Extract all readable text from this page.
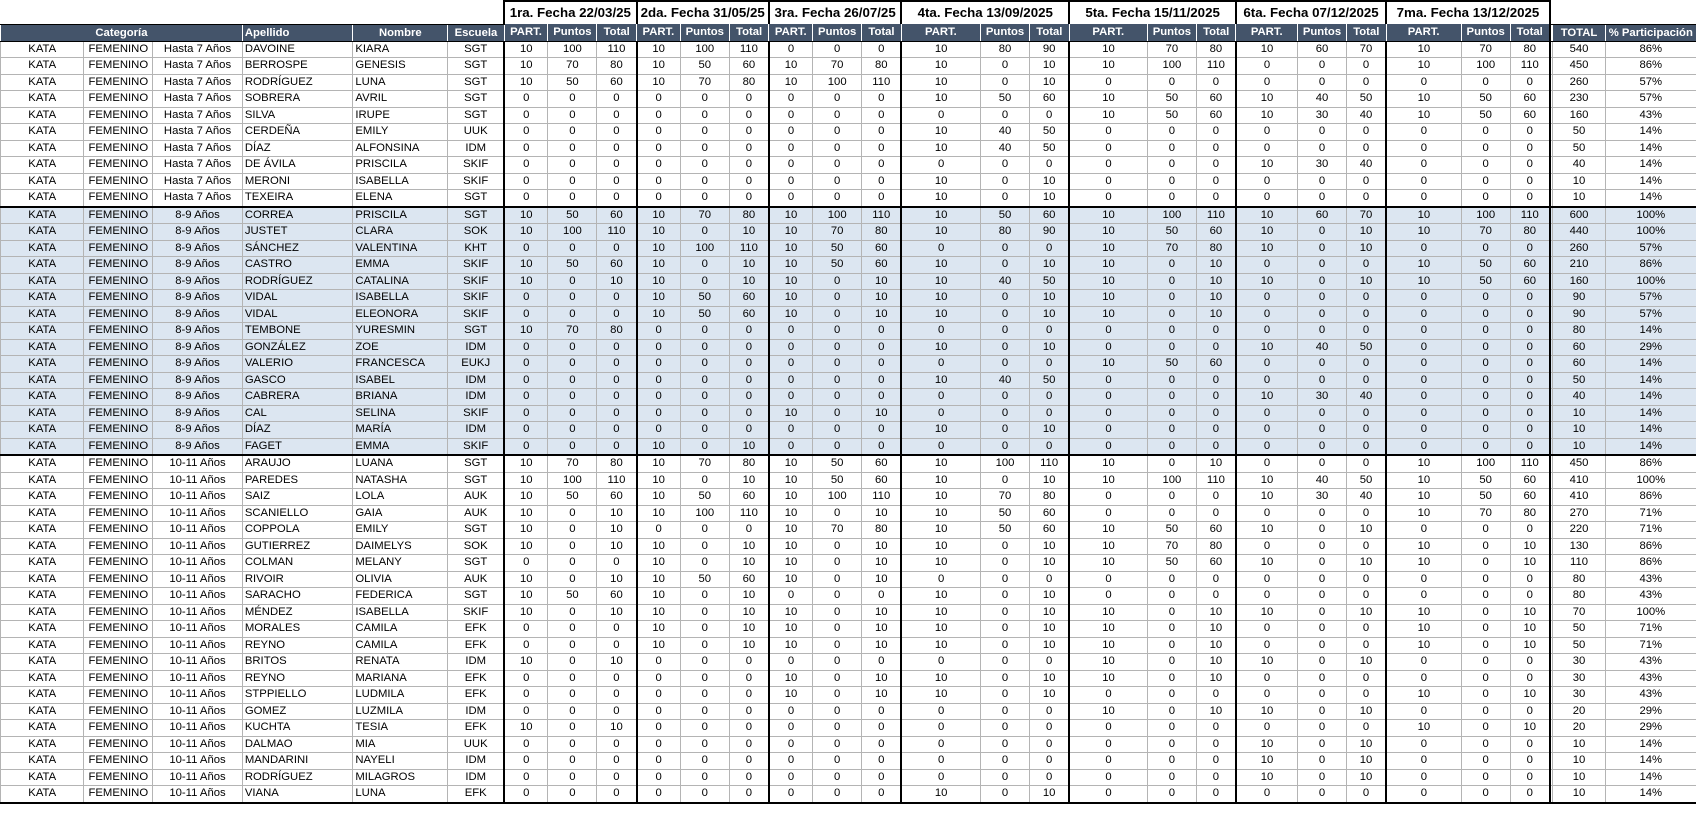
						1ra. Fecha 22/03/25			2da. Fecha 31/05/25			3ra. Fecha 26/07/25			4ta. Fecha 13/09/2025			5ta. Fecha 15/11/2025			6ta. Fecha 07/12/2025			7ma. Fecha 13/12/2025					
Categoría			Apellido	Nombre	Escuela	PART.	Puntos	Total	PART.	Puntos	Total	PART.	Puntos	Total	PART.	Puntos	Total	PART.	Puntos	Total	PART.	Puntos	Total	PART.	Puntos	Total		TOTAL	% Participación
KATA	FEMENINO	Hasta 7 Años	DAVOINE	KIARA	SGT	10	100	110	10	100	110	0	0	0	10	80	90	10	70	80	10	60	70	10	70	80		540	86%
KATA	FEMENINO	Hasta 7 Años	BERROSPE	GENESIS	SGT	10	70	80	10	50	60	10	70	80	10	0	10	10	100	110	0	0	0	10	100	110		450	86%
KATA	FEMENINO	Hasta 7 Años	RODRÍGUEZ	LUNA	SGT	10	50	60	10	70	80	10	100	110	10	0	10	0	0	0	0	0	0	0	0	0		260	57%
KATA	FEMENINO	Hasta 7 Años	SOBRERA	AVRIL	SGT	0	0	0	0	0	0	0	0	0	10	50	60	10	50	60	10	40	50	10	50	60		230	57%
KATA	FEMENINO	Hasta 7 Años	SILVA	IRUPE	SGT	0	0	0	0	0	0	0	0	0	0	0	0	10	50	60	10	30	40	10	50	60		160	43%
KATA	FEMENINO	Hasta 7 Años	CERDEÑA	EMILY	UUK	0	0	0	0	0	0	0	0	0	10	40	50	0	0	0	0	0	0	0	0	0		50	14%
KATA	FEMENINO	Hasta 7 Años	DÍAZ	ALFONSINA	IDM	0	0	0	0	0	0	0	0	0	10	40	50	0	0	0	0	0	0	0	0	0		50	14%
KATA	FEMENINO	Hasta 7 Años	DE ÁVILA	PRISCILA	SKIF	0	0	0	0	0	0	0	0	0	0	0	0	0	0	0	10	30	40	0	0	0		40	14%
KATA	FEMENINO	Hasta 7 Años	MERONI	ISABELLA	SKIF	0	0	0	0	0	0	0	0	0	10	0	10	0	0	0	0	0	0	0	0	0		10	14%
KATA	FEMENINO	Hasta 7 Años	TEXEIRA	ELENA	SGT	0	0	0	0	0	0	0	0	0	10	0	10	0	0	0	0	0	0	0	0	0		10	14%
KATA	FEMENINO	8-9 Años	CORREA	PRISCILA	SGT	10	50	60	10	70	80	10	100	110	10	50	60	10	100	110	10	60	70	10	100	110		600	100%
KATA	FEMENINO	8-9 Años	JUSTET	CLARA	SOK	10	100	110	10	0	10	10	70	80	10	80	90	10	50	60	10	0	10	10	70	80		440	100%
KATA	FEMENINO	8-9 Años	SÁNCHEZ	VALENTINA	KHT	0	0	0	10	100	110	10	50	60	0	0	0	10	70	80	10	0	10	0	0	0		260	57%
KATA	FEMENINO	8-9 Años	CASTRO	EMMA	SKIF	10	50	60	10	0	10	10	50	60	10	0	10	10	0	10	0	0	0	10	50	60		210	86%
KATA	FEMENINO	8-9 Años	RODRÍGUEZ	CATALINA	SKIF	10	0	10	10	0	10	10	0	10	10	40	50	10	0	10	10	0	10	10	50	60		160	100%
KATA	FEMENINO	8-9 Años	VIDAL	ISABELLA	SKIF	0	0	0	10	50	60	10	0	10	10	0	10	10	0	10	0	0	0	0	0	0		90	57%
KATA	FEMENINO	8-9 Años	VIDAL	ELEONORA	SKIF	0	0	0	10	50	60	10	0	10	10	0	10	10	0	10	0	0	0	0	0	0		90	57%
KATA	FEMENINO	8-9 Años	TEMBONE	YURESMIN	SGT	10	70	80	0	0	0	0	0	0	0	0	0	0	0	0	0	0	0	0	0	0		80	14%
KATA	FEMENINO	8-9 Años	GONZÁLEZ	ZOE	IDM	0	0	0	0	0	0	0	0	0	10	0	10	0	0	0	10	40	50	0	0	0		60	29%
KATA	FEMENINO	8-9 Años	VALERIO	FRANCESCA	EUKJ	0	0	0	0	0	0	0	0	0	0	0	0	10	50	60	0	0	0	0	0	0		60	14%
KATA	FEMENINO	8-9 Años	GASCO	ISABEL	IDM	0	0	0	0	0	0	0	0	0	10	40	50	0	0	0	0	0	0	0	0	0		50	14%
KATA	FEMENINO	8-9 Años	CABRERA	BRIANA	IDM	0	0	0	0	0	0	0	0	0	0	0	0	0	0	0	10	30	40	0	0	0		40	14%
KATA	FEMENINO	8-9 Años	CAL	SELINA	SKIF	0	0	0	0	0	0	10	0	10	0	0	0	0	0	0	0	0	0	0	0	0		10	14%
KATA	FEMENINO	8-9 Años	DÍAZ	MARÍA	IDM	0	0	0	0	0	0	0	0	0	10	0	10	0	0	0	0	0	0	0	0	0		10	14%
KATA	FEMENINO	8-9 Años	FAGET	EMMA	SKIF	0	0	0	10	0	10	0	0	0	0	0	0	0	0	0	0	0	0	0	0	0		10	14%
KATA	FEMENINO	10-11 Años	ARAUJO	LUANA	SGT	10	70	80	10	70	80	10	50	60	10	100	110	10	0	10	0	0	0	10	100	110		450	86%
KATA	FEMENINO	10-11 Años	PAREDES	NATASHA	SGT	10	100	110	10	0	10	10	50	60	10	0	10	10	100	110	10	40	50	10	50	60		410	100%
KATA	FEMENINO	10-11 Años	SAIZ	LOLA	AUK	10	50	60	10	50	60	10	100	110	10	70	80	0	0	0	10	30	40	10	50	60		410	86%
KATA	FEMENINO	10-11 Años	SCANIELLO	GAIA	AUK	10	0	10	10	100	110	10	0	10	10	50	60	0	0	0	0	0	0	10	70	80		270	71%
KATA	FEMENINO	10-11 Años	COPPOLA	EMILY	SGT	10	0	10	0	0	0	10	70	80	10	50	60	10	50	60	10	0	10	0	0	0		220	71%
KATA	FEMENINO	10-11 Años	GUTIERREZ	DAIMELYS	SOK	10	0	10	10	0	10	10	0	10	10	0	10	10	70	80	0	0	0	10	0	10		130	86%
KATA	FEMENINO	10-11 Años	COLMAN	MELANY	SGT	0	0	0	10	0	10	10	0	10	10	0	10	10	50	60	10	0	10	10	0	10		110	86%
KATA	FEMENINO	10-11 Años	RIVOIR	OLIVIA	AUK	10	0	10	10	50	60	10	0	10	0	0	0	0	0	0	0	0	0	0	0	0		80	43%
KATA	FEMENINO	10-11 Años	SARACHO	FEDERICA	SGT	10	50	60	10	0	10	0	0	0	10	0	10	0	0	0	0	0	0	0	0	0		80	43%
KATA	FEMENINO	10-11 Años	MÉNDEZ	ISABELLA	SKIF	10	0	10	10	0	10	10	0	10	10	0	10	10	0	10	10	0	10	10	0	10		70	100%
KATA	FEMENINO	10-11 Años	MORALES	CAMILA	EFK	0	0	0	10	0	10	10	0	10	10	0	10	10	0	10	0	0	0	10	0	10		50	71%
KATA	FEMENINO	10-11 Años	REYNO	CAMILA	EFK	0	0	0	10	0	10	10	0	10	10	0	10	10	0	10	0	0	0	10	0	10		50	71%
KATA	FEMENINO	10-11 Años	BRITOS	RENATA	IDM	10	0	10	0	0	0	0	0	0	0	0	0	10	0	10	10	0	10	0	0	0		30	43%
KATA	FEMENINO	10-11 Años	REYNO	MARIANA	EFK	0	0	0	0	0	0	10	0	10	10	0	10	10	0	10	0	0	0	0	0	0		30	43%
KATA	FEMENINO	10-11 Años	STPPIELLO	LUDMILA	EFK	0	0	0	0	0	0	10	0	10	10	0	10	0	0	0	0	0	0	10	0	10		30	43%
KATA	FEMENINO	10-11 Años	GOMEZ	LUZMILA	IDM	0	0	0	0	0	0	0	0	0	0	0	0	10	0	10	10	0	10	0	0	0		20	29%
KATA	FEMENINO	10-11 Años	KUCHTA	TESIA	EFK	10	0	10	0	0	0	0	0	0	0	0	0	0	0	0	0	0	0	10	0	10		20	29%
KATA	FEMENINO	10-11 Años	DALMAO	MIA	UUK	0	0	0	0	0	0	0	0	0	0	0	0	0	0	0	10	0	10	0	0	0		10	14%
KATA	FEMENINO	10-11 Años	MANDARINI	NAYELI	IDM	0	0	0	0	0	0	0	0	0	0	0	0	0	0	0	10	0	10	0	0	0		10	14%
KATA	FEMENINO	10-11 Años	RODRÍGUEZ	MILAGROS	IDM	0	0	0	0	0	0	0	0	0	0	0	0	0	0	0	10	0	10	0	0	0		10	14%
KATA	FEMENINO	10-11 Años	VIANA	LUNA	EFK	0	0	0	0	0	0	0	0	0	10	0	10	0	0	0	0	0	0	0	0	0		10	14%
